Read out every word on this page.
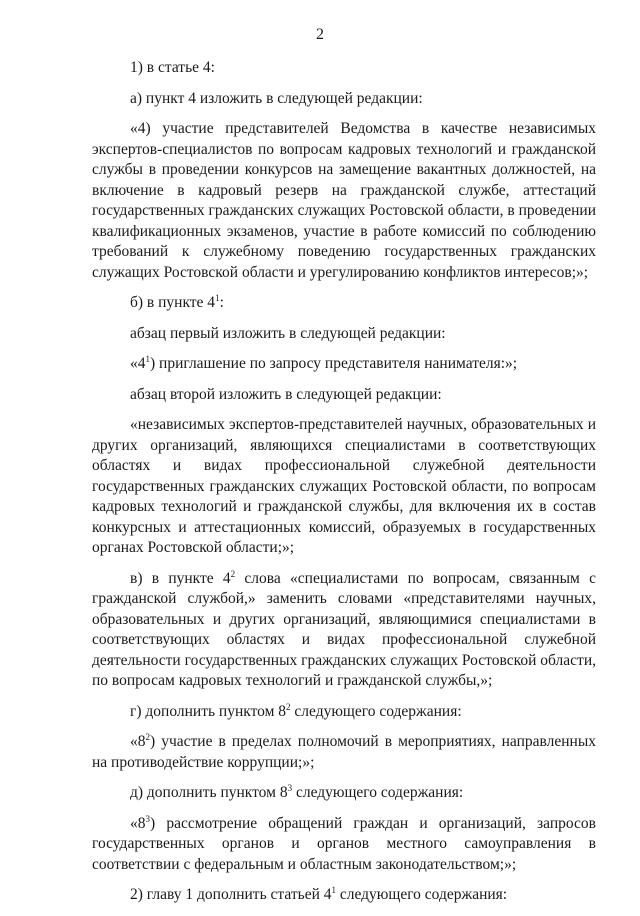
2
1) в статье 4:
а) пункт 4 изложить в следующей редакции:

«4) участие представителей Ведомства в качестве независимых экспертов-специалистов по вопросам кадровых технологий и гражданской службы в проведении конкурсов на замещение вакантных должностей, на включение в кадровый резерв на гражданской службе, аттестаций государственных гражданских служащих Ростовской области, в проведении квалификационных экзаменов, участие в работе комиссий по соблюдению требований к служебному поведению государственных гражданских служащих Ростовской области и урегулированию конфликтов интересов;»;

б) в пункте $4^1$:
абзац первый изложить в следующей редакции:
«$4^1$) приглашение по запросу представителя нанимателя:»;
абзац второй изложить в следующей редакции:

«независимых экспертов-представителей научных, образовательных и других организаций, являющихся специалистами в соответствующих областях и видах профессиональной служебной деятельности государственных гражданских служащих Ростовской области, по вопросам кадровых технологий и гражданской службы, для включения их в состав конкурсных и аттестационных комиссий, образуемых в государственных органах Ростовской области;»;

в) в пункте $4^2$ слова «специалистами по вопросам, связанным с гражданской службой,» заменить словами «представителями научных, образовательных и других организаций, являющимися специалистами в соответствующих областях и видах профессиональной служебной деятельности государственных гражданских служащих Ростовской области, по вопросам кадровых технологий и гражданской службы,»;

г) дополнить пунктом $8^2$ следующего содержания:

«$8^2$) участие в пределах полномочий в мероприятиях, направленных на противодействие коррупции;»;

д) дополнить пунктом $8^3$ следующего содержания:

«$8^3$) рассмотрение обращений граждан и организаций, запросов государственных органов и органов местного самоуправления в соответствии с федеральным и областным законодательством;»;

2) главу 1 дополнить статьей $4^1$ следующего содержания:
